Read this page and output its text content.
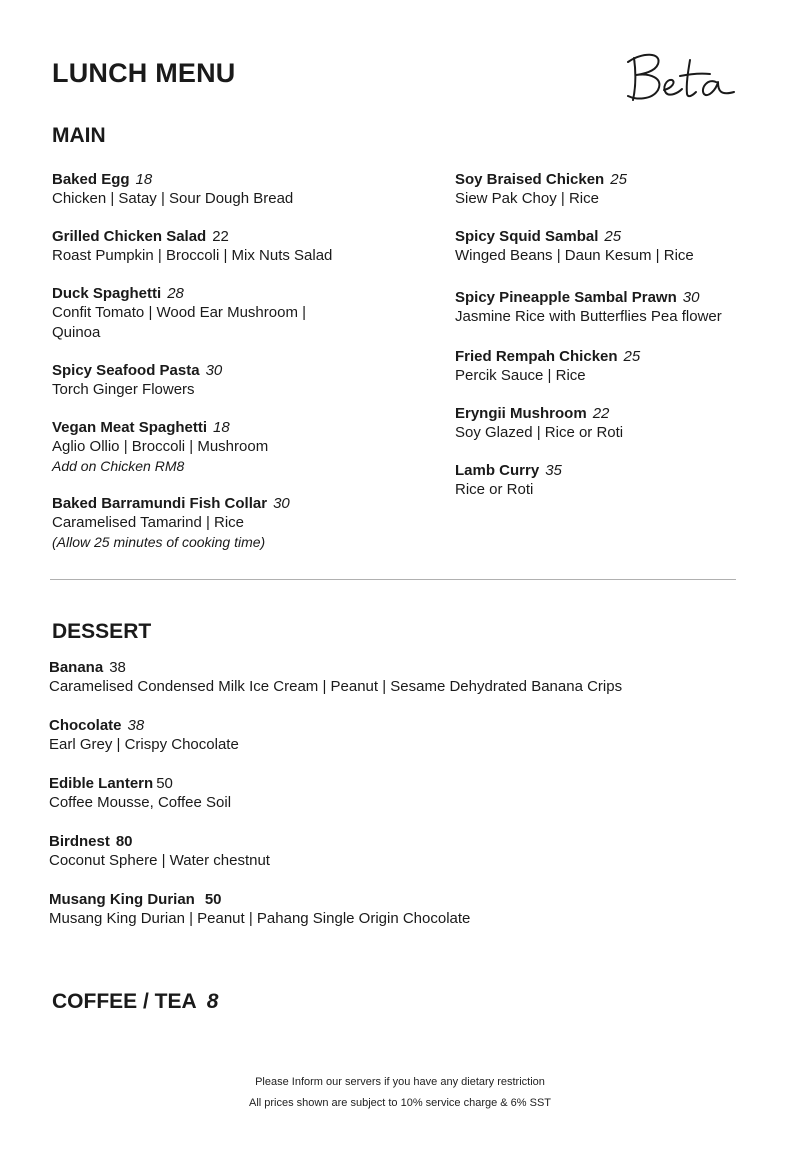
LUNCH MENU
MAIN
Baked Egg 18
Chicken | Satay | Sour Dough Bread
Grilled Chicken Salad 22
Roast Pumpkin | Broccoli | Mix Nuts Salad
Duck Spaghetti 28
Confit Tomato | Wood Ear Mushroom | Quinoa
Spicy Seafood Pasta 30
Torch Ginger Flowers
Vegan Meat Spaghetti 18
Aglio Ollio | Broccoli | Mushroom
Add on Chicken RM8
Baked Barramundi Fish Collar 30
Caramelised Tamarind | Rice
(Allow 25 minutes of cooking time)
Soy Braised Chicken 25
Siew Pak Choy | Rice
Spicy Squid Sambal 25
Winged Beans | Daun Kesum | Rice
Spicy Pineapple Sambal Prawn 30
Jasmine Rice with Butterflies Pea flower
Fried Rempah Chicken 25
Percik Sauce | Rice
Eryngii Mushroom 22
Soy Glazed | Rice or Roti
Lamb Curry 35
Rice or Roti
DESSERT
Banana 38
Caramelised Condensed Milk Ice Cream | Peanut | Sesame Dehydrated Banana Crips
Chocolate 38
Earl Grey | Crispy Chocolate
Edible Lantern 50
Coffee Mousse, Coffee Soil
Birdnest 80
Coconut Sphere | Water chestnut
Musang King Durian 50
Musang King Durian | Peanut | Pahang Single Origin Chocolate
COFFEE / TEA 8
Please Inform our servers if you have any dietary restriction
All prices shown are subject to 10% service charge & 6% SST
